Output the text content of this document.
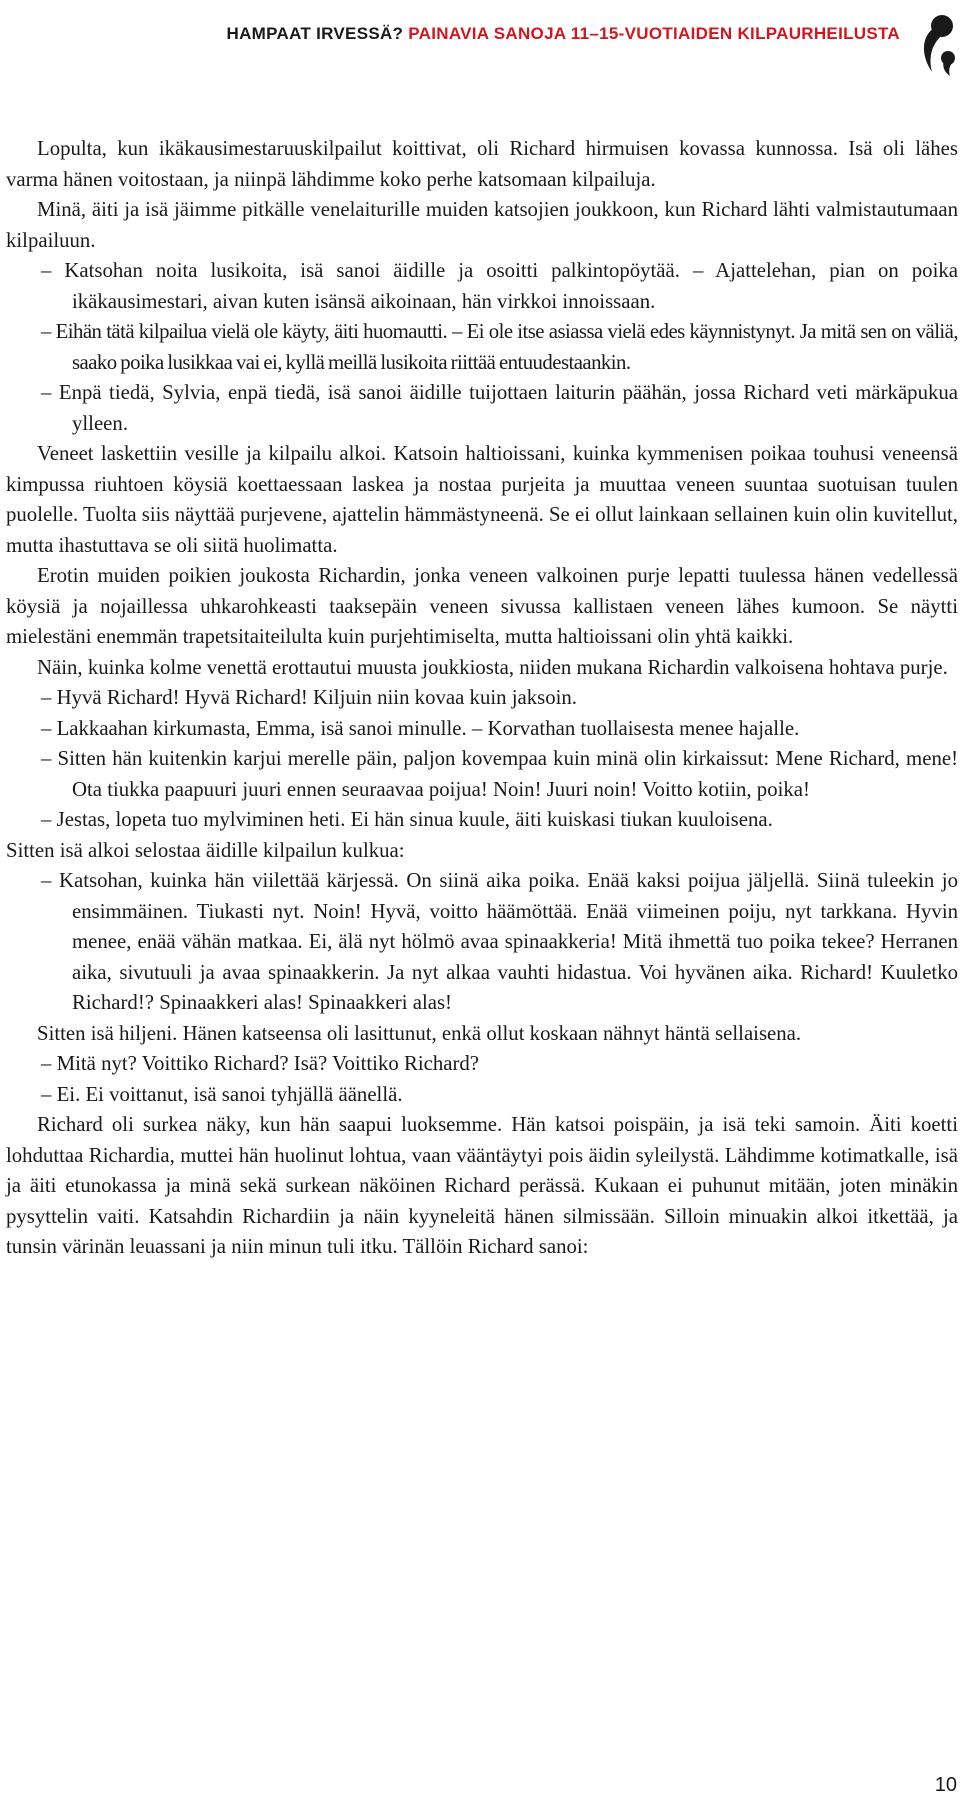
HAMPAAT IRVESSÄ? PAINAVIA SANOJA 11–15-VUOTIAIDEN KILPAURHEILUSTA

Lopulta, kun ikäkausimestaruuskilpailut koittivat, oli Richard hirmuisen kovassa kunnossa. Isä oli lähes varma hänen voitostaan, ja niinpä lähdimme koko perhe katsomaan kilpailuja.

Minä, äiti ja isä jäimme pitkälle venelaiturille muiden katsojien joukkoon, kun Richard lähti valmistautumaan kilpailuun.

– Katsohan noita lusikoita, isä sanoi äidille ja osoitti palkintopöytää. – Ajattelehan, pian on poika ikäkausimestari, aivan kuten isänsä aikoinaan, hän virkkoi innoissaan.

– Eihän tätä kilpailua vielä ole käyty, äiti huomautti. – Ei ole itse asiassa vielä edes käynnistynyt. Ja mitä sen on väliä, saako poika lusikkaa vai ei, kyllä meillä lusikoita riittää entuudestaankin.

– Enpä tiedä, Sylvia, enpä tiedä, isä sanoi äidille tuijottaen laiturin päähän, jossa Richard veti märkäpukua ylleen.

Veneet laskettiin vesille ja kilpailu alkoi. Katsoin haltioissani, kuinka kymmenisen poikaa touhusi veneensä kimpussa riuhtoen köysiä koettaessaan laskea ja nostaa purjeita ja muuttaa veneen suuntaa suotuisan tuulen puolelle. Tuolta siis näyttää purjevene, ajattelin hämmästyneenä. Se ei ollut lainkaan sellainen kuin olin kuvitellut, mutta ihastuttava se oli siitä huolimatta.

Erotin muiden poikien joukosta Richardin, jonka veneen valkoinen purje lepatti tuulessa hänen vedellessä köysiä ja nojaillessa uhkarohkeasti taaksepäin veneen sivussa kallistaen veneen lähes kumoon. Se näytti mielestäni enemmän trapetsitaiteilulta kuin purjehtimiselta, mutta haltioissani olin yhtä kaikki.

Näin, kuinka kolme venettä erottautui muusta joukkiosta, niiden mukana Richardin valkoisena hohtava purje.

– Hyvä Richard! Hyvä Richard! Kiljuin niin kovaa kuin jaksoin.

– Lakkaahan kirkumasta, Emma, isä sanoi minulle. – Korvathan tuollaisesta menee hajalle.

– Sitten hän kuitenkin karjui merelle päin, paljon kovempaa kuin minä olin kirkaissut: Mene Richard, mene! Ota tiukka paapuuri juuri ennen seuraavaa poijua! Noin! Juuri noin! Voitto kotiin, poika!

– Jestas, lopeta tuo mylviminen heti. Ei hän sinua kuule, äiti kuiskasi tiukan kuuloisena.

Sitten isä alkoi selostaa äidille kilpailun kulkua:

– Katsohan, kuinka hän viilettää kärjessä. On siinä aika poika. Enää kaksi poijua jäljellä. Siinä tuleekin jo ensimmäinen. Tiukasti nyt. Noin! Hyvä, voitto häämöttää. Enää viimeinen poiju, nyt tarkkana. Hyvin menee, enää vähän matkaa. Ei, älä nyt hölmö avaa spinaakkeria! Mitä ihmettä tuo poika tekee? Herranen aika, sivutuuli ja avaa spinaakkerin. Ja nyt alkaa vauhti hidastua. Voi hyvänen aika. Richard! Kuuletko Richard!? Spinaakkeri alas! Spinaakkeri alas!

Sitten isä hiljeni. Hänen katseensa oli lasittunut, enkä ollut koskaan nähnyt häntä sellaisena.

– Mitä nyt? Voittiko Richard? Isä? Voittiko Richard?

– Ei. Ei voittanut, isä sanoi tyhjällä äänellä.

Richard oli surkea näky, kun hän saapui luoksemme. Hän katsoi poispäin, ja isä teki samoin. Äiti koetti lohduttaa Richardia, muttei hän huolinut lohtua, vaan vääntäytyi pois äidin syleilystä. Lähdimme kotimatkalle, isä ja äiti etunokassa ja minä sekä surkean näköinen Richard perässä. Kukaan ei puhunut mitään, joten minäkin pysyttelin vaiti. Katsahdin Richardiin ja näin kyyneleitä hänen silmissään. Silloin minuakin alkoi itkettää, ja tunsin värinän leuassani ja niin minun tuli itku. Tällöin Richard sanoi:

10
